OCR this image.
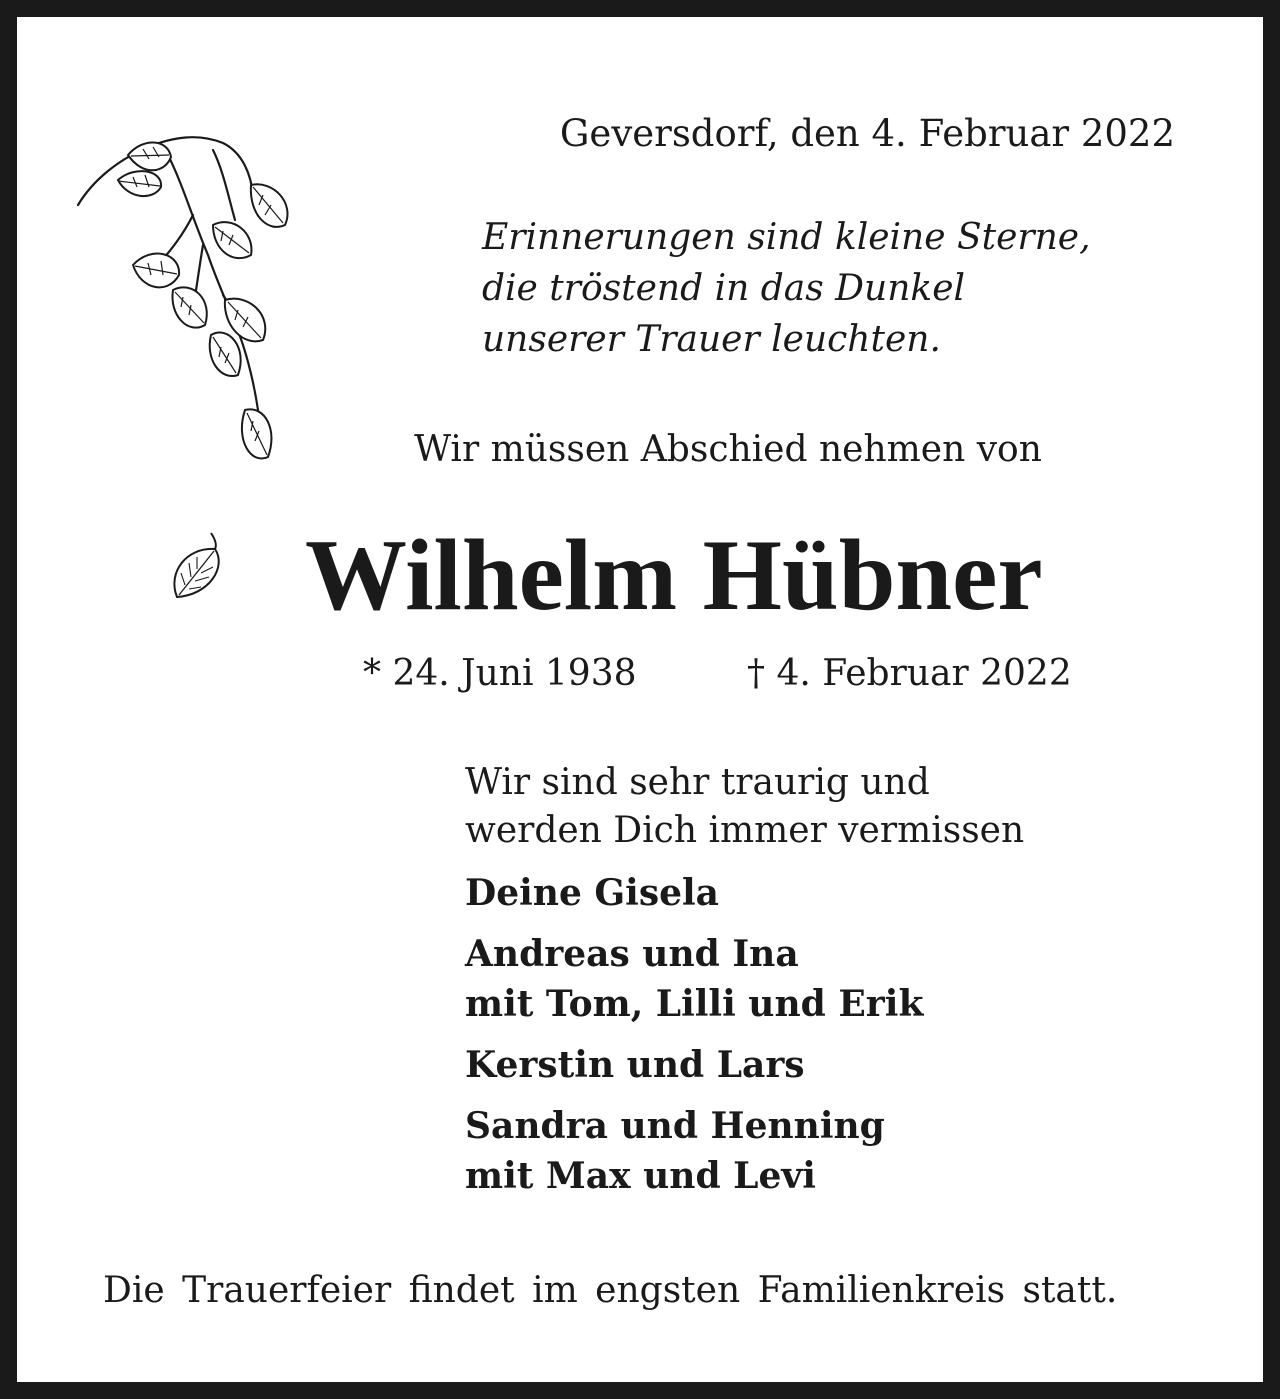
Geversdorf, den 4. Februar 2022
Erinnerungen sind kleine Sterne,
die tröstend in das Dunkel
unserer Trauer leuchten.
Wir müssen Abschied nehmen von
Wilhelm Hübner
* 24. Juni 1938	† 4. Februar 2022
Wir sind sehr traurig und
werden Dich immer vermissen
Deine Gisela
Andreas und Ina
mit Tom, Lilli und Erik
Kerstin und Lars
Sandra und Henning
mit Max und Levi
Die Trauerfeier findet im engsten Familienkreis statt.
